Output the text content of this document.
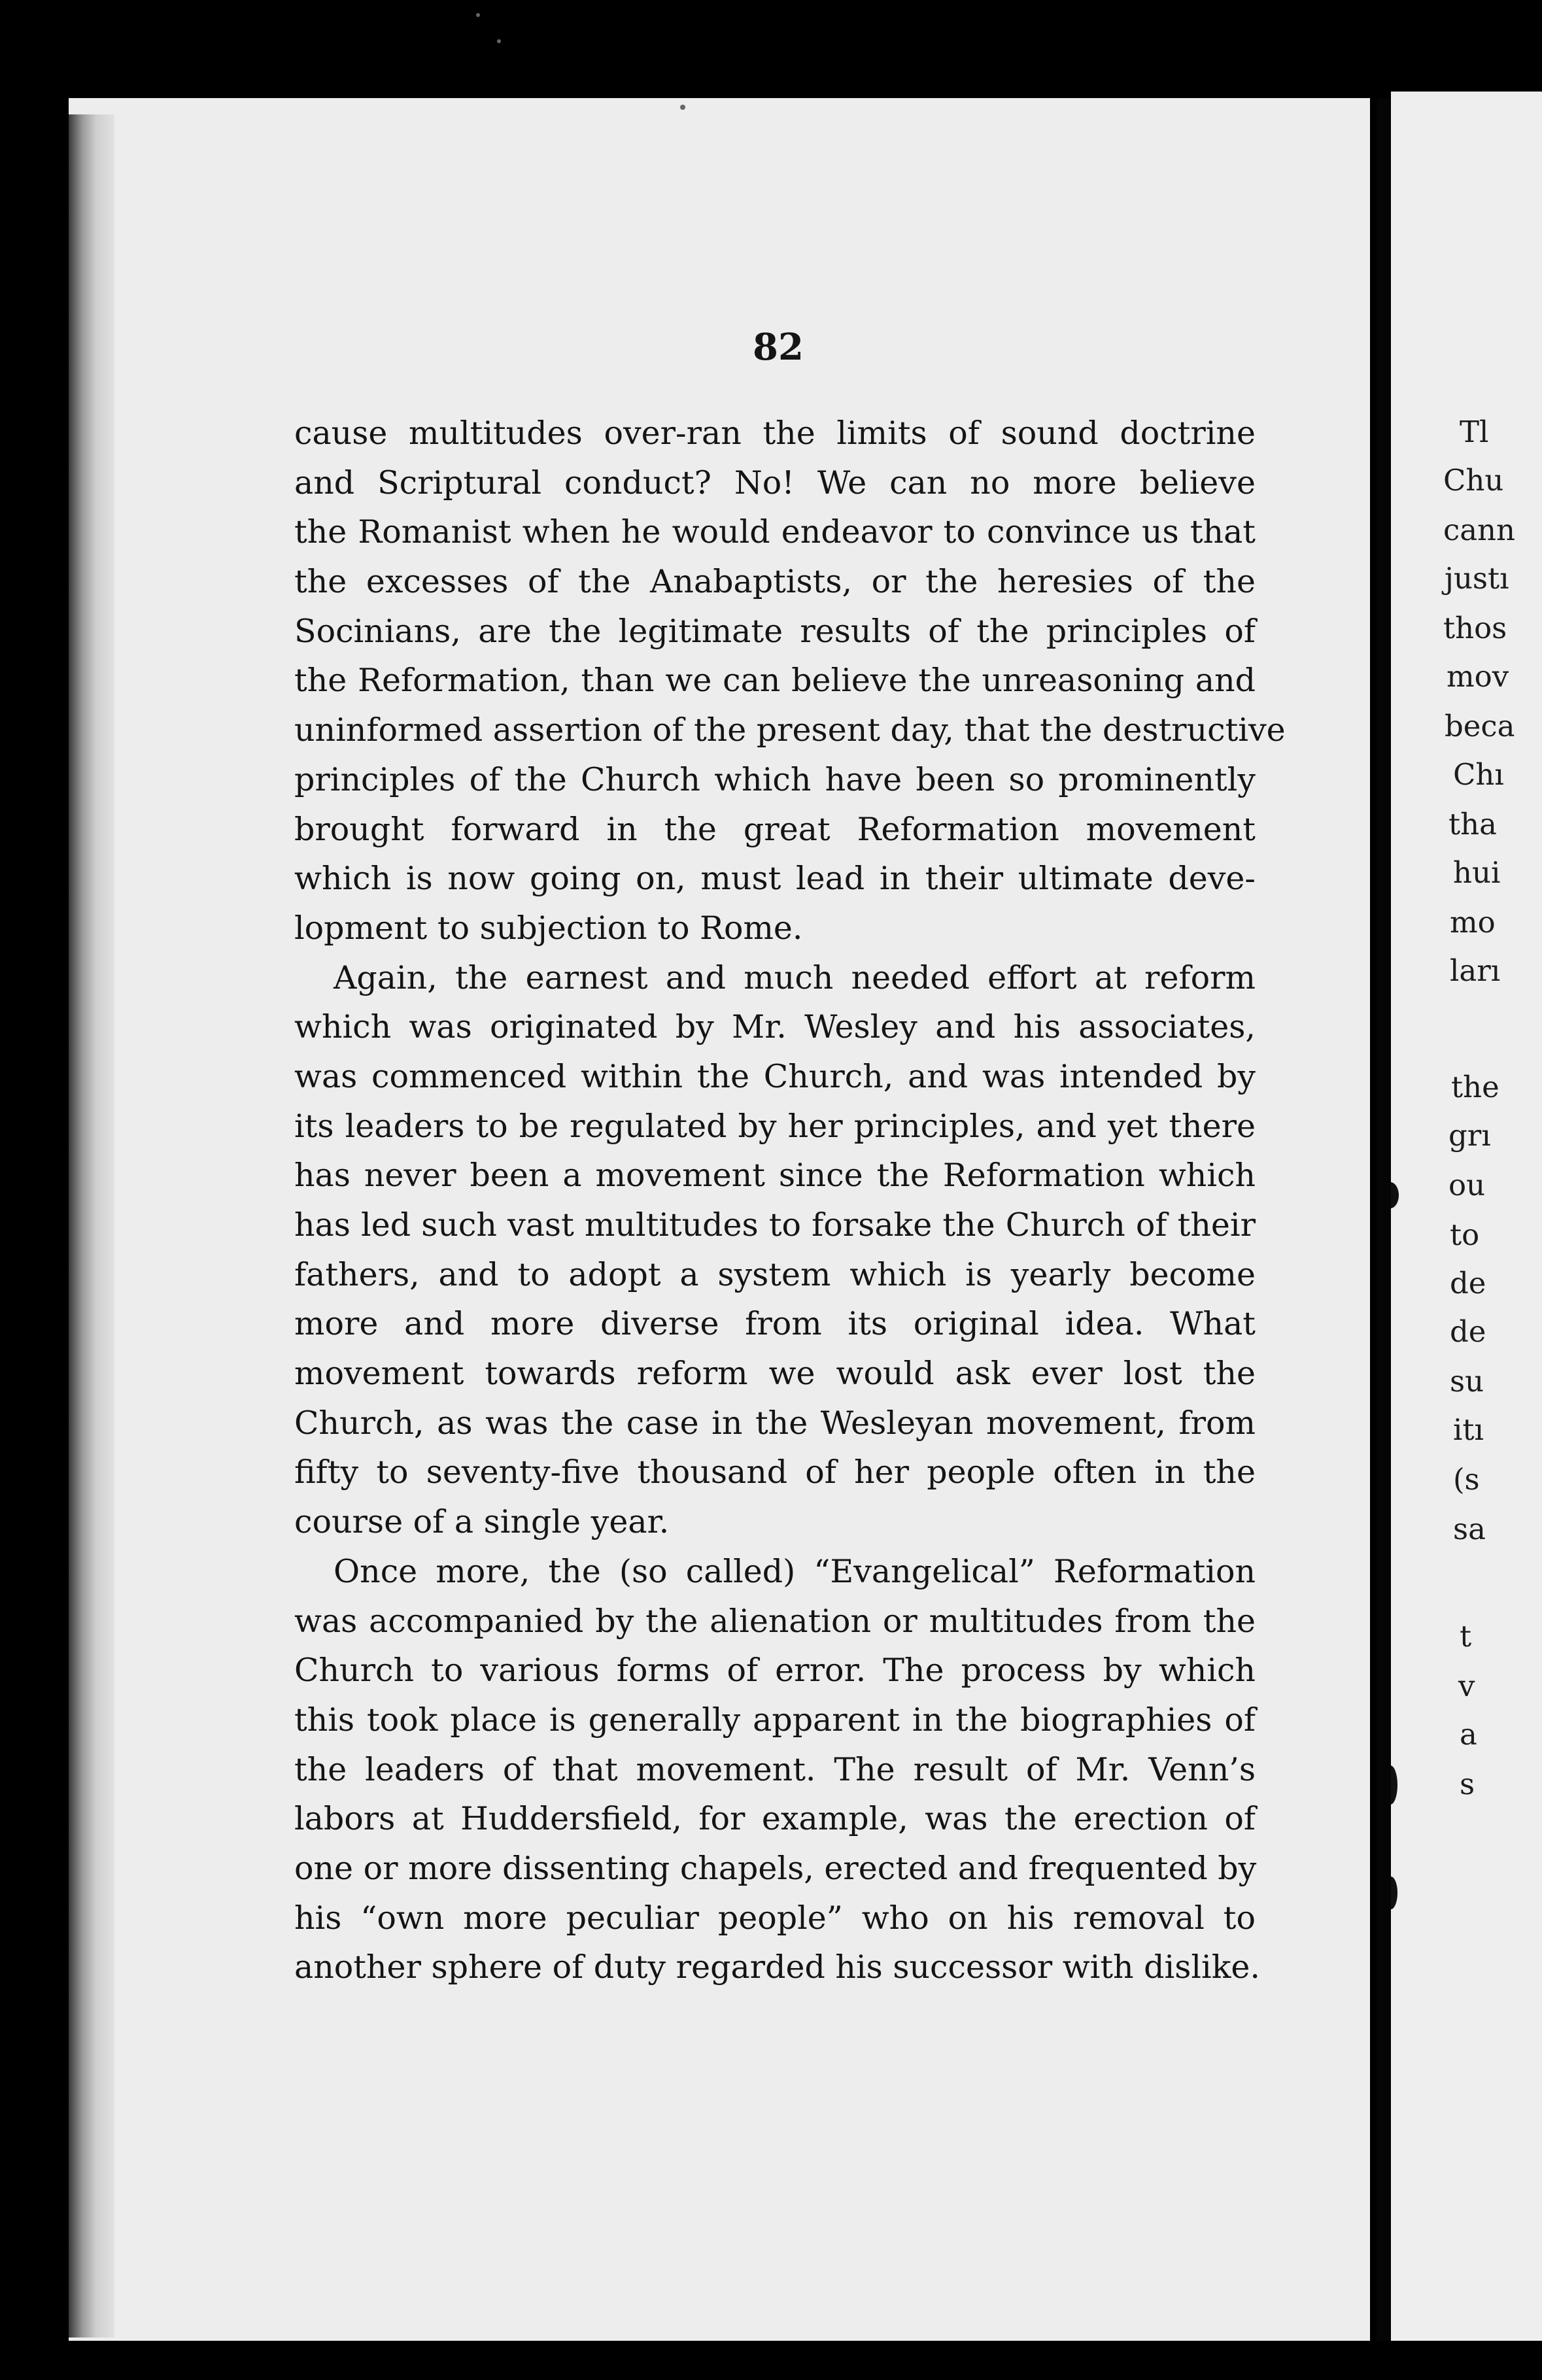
Tl
Chu
cann
justı
thos
mov
beca
Chı
tha
hui
mo
ları
the
grı
ou
to
de
de
su
itı
(s
sa
t
v
a
s
82
cause multitudes over-ran the limits of sound doctrine
and Scriptural conduct? No! We can no more believe
the Romanist when he would endeavor to convince us that
the excesses of the Anabaptists, or the heresies of the
Socinians, are the legitimate results of the principles of
the Reformation, than we can believe the unreasoning and
uninformed assertion of the present day, that the destructive
principles of the Church which have been so prominently
brought forward in the great Reformation movement
which is now going on, must lead in their ultimate deve-
lopment to subjection to Rome.
Again, the earnest and much needed effort at reform
which was originated by Mr. Wesley and his associates,
was commenced within the Church, and was intended by
its leaders to be regulated by her principles, and yet there
has never been a movement since the Reformation which
has led such vast multitudes to forsake the Church of their
fathers, and to adopt a system which is yearly become
more and more diverse from its original idea. What
movement towards reform we would ask ever lost the
Church, as was the case in the Wesleyan movement, from
fifty to seventy-five thousand of her people often in the
course of a single year.
Once more, the (so called) “Evangelical” Reformation
was accompanied by the alienation or multitudes from the
Church to various forms of error. The process by which
this took place is generally apparent in the biographies of
the leaders of that movement. The result of Mr. Venn’s
labors at Huddersfield, for example, was the erection of
one or more dissenting chapels, erected and frequented by
his “own more peculiar people” who on his removal to
another sphere of duty regarded his successor with dislike.
